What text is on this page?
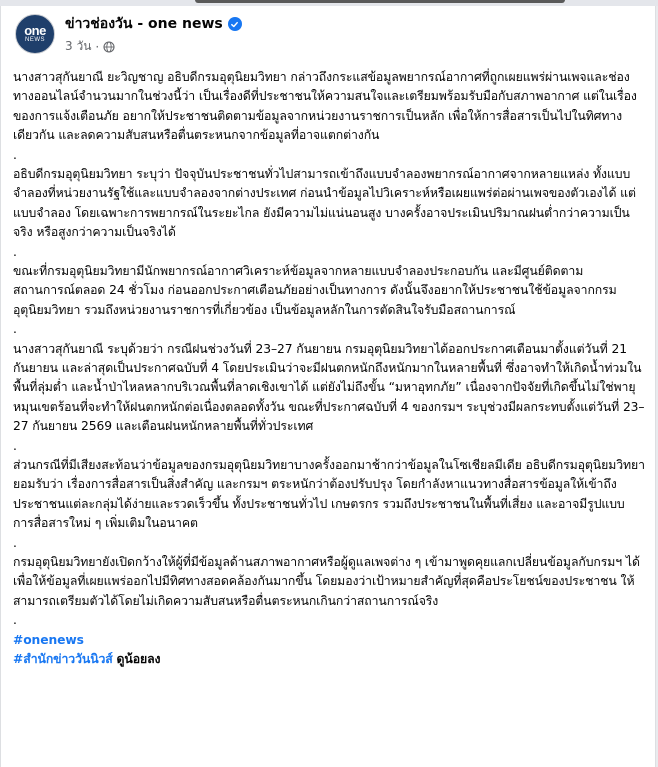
one
NEWS
ข่าวช่องวัน - one news
3 วัน ·

นางสาวสุกันยาณี ยะวิญชาญ อธิบดีกรมอุตุนิยมวิทยา กล่าวถึงกระแสข้อมูลพยากรณ์อากาศที่ถูกเผยแพร่ผ่านเพจและช่องทางออนไลน์จำนวนมากในช่วงนี้ว่า เป็นเรื่องดีที่ประชาชนให้ความสนใจและเตรียมพร้อมรับมือกับสภาพอากาศ แต่ในเรื่องของการแจ้งเตือนภัย อยากให้ประชาชนติดตามข้อมูลจากหน่วยงานราชการเป็นหลัก เพื่อให้การสื่อสารเป็นไปในทิศทางเดียวกัน และลดความสับสนหรือตื่นตระหนกจากข้อมูลที่อาจแตกต่างกัน

.

อธิบดีกรมอุตุนิยมวิทยา ระบุว่า ปัจจุบันประชาชนทั่วไปสามารถเข้าถึงแบบจำลองพยากรณ์อากาศจากหลายแหล่ง ทั้งแบบจำลองที่หน่วยงานรัฐใช้และแบบจำลองจากต่างประเทศ ก่อนนำข้อมูลไปวิเคราะห์หรือเผยแพร่ต่อผ่านเพจของตัวเองได้ แต่แบบจำลอง โดยเฉพาะการพยากรณ์ในระยะไกล ยังมีความไม่แน่นอนสูง บางครั้งอาจประเมินปริมาณฝนต่ำกว่าความเป็นจริง หรือสูงกว่าความเป็นจริงได้

.

ขณะที่กรมอุตุนิยมวิทยามีนักพยากรณ์อากาศวิเคราะห์ข้อมูลจากหลายแบบจำลองประกอบกัน และมีศูนย์ติดตามสถานการณ์ตลอด 24 ชั่วโมง ก่อนออกประกาศเตือนภัยอย่างเป็นทางการ ดังนั้นจึงอยากให้ประชาชนใช้ข้อมูลจากกรมอุตุนิยมวิทยา รวมถึงหน่วยงานราชการที่เกี่ยวข้อง เป็นข้อมูลหลักในการตัดสินใจรับมือสถานการณ์

.

นางสาวสุกันยาณี ระบุด้วยว่า กรณีฝนช่วงวันที่ 23–27 กันยายน กรมอุตุนิยมวิทยาได้ออกประกาศเตือนมาตั้งแต่วันที่ 21 กันยายน และล่าสุดเป็นประกาศฉบับที่ 4 โดยประเมินว่าจะมีฝนตกหนักถึงหนักมากในหลายพื้นที่ ซึ่งอาจทำให้เกิดน้ำท่วมในพื้นที่ลุ่มต่ำ และน้ำป่าไหลหลากบริเวณพื้นที่ลาดเชิงเขาได้ แต่ยังไม่ถึงขั้น “มหาอุทกภัย” เนื่องจากปัจจัยที่เกิดขึ้นไม่ใช่พายุหมุนเขตร้อนที่จะทำให้ฝนตกหนักต่อเนื่องตลอดทั้งวัน ขณะที่ประกาศฉบับที่ 4 ของกรมฯ ระบุช่วงมีผลกระทบตั้งแต่วันที่ 23–27 กันยายน 2569 และเตือนฝนหนักหลายพื้นที่ทั่วประเทศ

.

ส่วนกรณีที่มีเสียงสะท้อนว่าข้อมูลของกรมอุตุนิยมวิทยาบางครั้งออกมาช้ากว่าข้อมูลในโซเชียลมีเดีย อธิบดีกรมอุตุนิยมวิทยายอมรับว่า เรื่องการสื่อสารเป็นสิ่งสำคัญ และกรมฯ ตระหนักว่าต้องปรับปรุง โดยกำลังหาแนวทางสื่อสารข้อมูลให้เข้าถึงประชาชนแต่ละกลุ่มได้ง่ายและรวดเร็วขึ้น ทั้งประชาชนทั่วไป เกษตรกร รวมถึงประชาชนในพื้นที่เสี่ยง และอาจมีรูปแบบการสื่อสารใหม่ ๆ เพิ่มเติมในอนาคต

.

กรมอุตุนิยมวิทยายังเปิดกว้างให้ผู้ที่มีข้อมูลด้านสภาพอากาศหรือผู้ดูแลเพจต่าง ๆ เข้ามาพูดคุยแลกเปลี่ยนข้อมูลกับกรมฯ ได้ เพื่อให้ข้อมูลที่เผยแพร่ออกไปมีทิศทางสอดคล้องกันมากขึ้น โดยมองว่าเป้าหมายสำคัญที่สุดคือประโยชน์ของประชาชน ให้สามารถเตรียมตัวได้โดยไม่เกิดความสับสนหรือตื่นตระหนกเกินกว่าสถานการณ์จริง

.
#onenews
#สำนักข่าววันนิวส์ ดูน้อยลง
